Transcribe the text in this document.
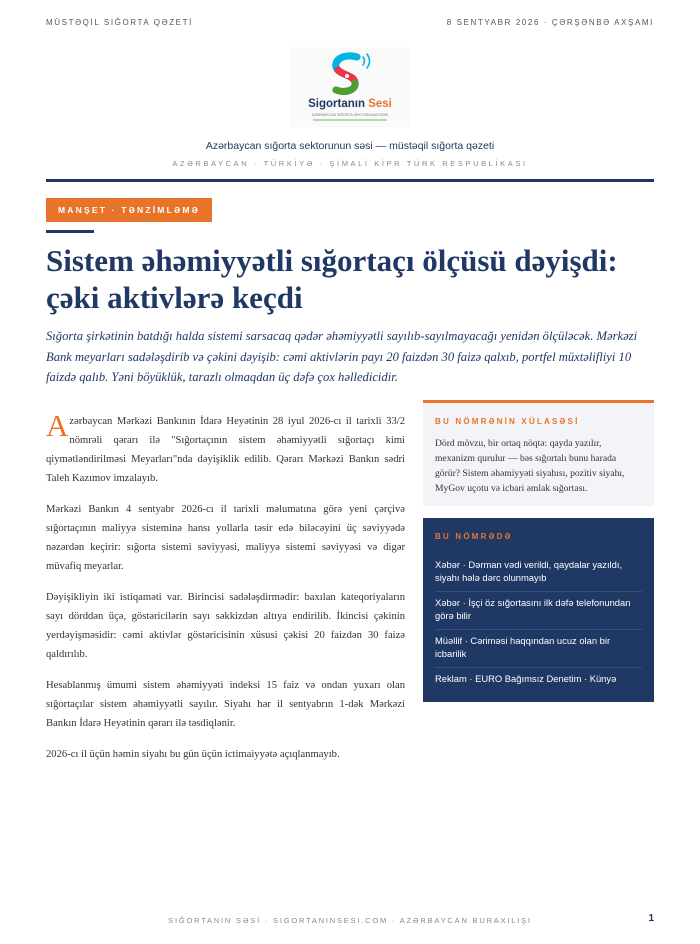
MÜSTƏQİL SIĞORTA QƏZETİ	8 SENTYABR 2026 · ÇƏRŞƏNBƏ AXŞAMI
Sigortanın Sesi
AZƏRBAYCAN SIĞORTA SEKTORUNUN SƏSİ
Azərbaycan sığorta sektorunun səsi — müstəqil sığorta qəzeti
AZƏRBAYCAN · TÜRKİYƏ · ŞİMALİ KİPR TÜRK RESPUBLİKASI
MANŞET · TƏNZİMLƏMƏ
Sistem əhəmiyyətli sığortaçı ölçüsü dəyişdi: çəki aktivlərə keçdi

Sığorta şirkətinin batdığı halda sistemi sarsacaq qədər əhəmiyyətli sayılıb-sayılmayacağı yenidən ölçüləcək. Mərkəzi Bank meyarları sadələşdirib və çəkini dəyişib: cəmi aktivlərin payı 20 faizdən 30 faizə qalxıb, portfel müxtəlifliyi 10 faizdə qalıb. Yəni böyüklük, tarazlı olmaqdan üç dəfə çox həlledicidir.

Azərbaycan Mərkəzi Bankının İdarə Heyətinin 28 iyul 2026-cı il tarixli 33/2 nömrəli qərarı ilə "Sığortaçının sistem əhəmiyyətli sığortaçı kimi qiymətləndirilməsi Meyarları"nda dəyişiklik edilib. Qərarı Mərkəzi Bankın sədri Taleh Kazımov imzalayıb.

Mərkəzi Bankın 4 sentyabr 2026-cı il tarixli məlumatına görə yeni çərçivə sığortaçının maliyyə sisteminə hansı yollarla təsir edə biləcəyini üç səviyyədə nəzərdən keçirir: sığorta sistemi səviyyəsi, maliyyə sistemi səviyyəsi və digər müvafiq meyarlar.

Dəyişikliyin iki istiqaməti var. Birincisi sadələşdirmədir: baxılan kateqoriyaların sayı dörddən üçə, göstəricilərin sayı səkkizdən altıya endirilib. İkincisi çəkinin yerdəyişməsidir: cəmi aktivlər göstəricisinin xüsusi çəkisi 20 faizdən 30 faizə qaldırılıb.

Hesablanmış ümumi sistem əhəmiyyəti indeksi 15 faiz və ondan yuxarı olan sığortaçılar sistem əhəmiyyətli sayılır. Siyahı hər il sentyabrın 1-dək Mərkəzi Bankın İdarə Heyətinin qərarı ilə təsdiqlənir.

2026-cı il üçün həmin siyahı bu gün üçün ictimaiyyətə açıqlanmayıb.

BU NÖMRƏNİN XÜLASƏSİ

Dörd mövzu, bir ortaq nöqtə: qayda yazılır, mexanizm qurulur — bəs sığortalı bunu harada görür? Sistem əhəmiyyəti siyahısı, pozitiv siyahı, MyGov uçotu və icbari əmlak sığortası.

BU NÖMRƏDƏ
Xəbər · Dərman vədi verildi, qaydalar yazıldı, siyahı hələ dərc olunmayıb
Xəbər · İşçi öz sığortasını ilk dəfə telefonundan görə bilir
Müəllif · Cəriməsi haqqından ucuz olan bir icbarilik
Reklam · EURO Bağımsız Denetim · Künyə
SIĞORTANIN SƏSİ · SIGORTANINSESI.COM · AZƏRBAYCAN BURAXILIŞI	1
